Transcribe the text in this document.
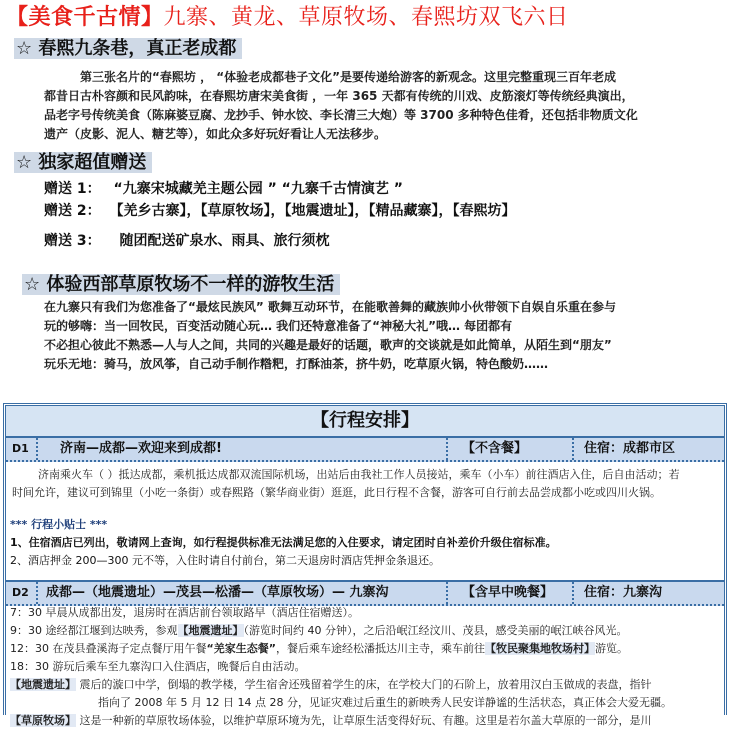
【美食千古情】九寨、黄龙、草原牧场、春熙坊双飞六日
☆ 春熙九条巷，真正老成都
为成都第三张名片的“春熙坊 ， “体验老成都巷子文化”是要传递给游客的新观念。这里完整重现三百年老成
都昔日古朴容颜和民风韵味，在春熙坊唐宋美食街 ，一年 365 天都有传统的川戏、皮筋滚灯等传统经典演出，
品老字号传统美食（陈麻婆豆腐、龙抄手、钟水饺、李长清三大炮）等 3700 多种特色佳肴，还包括非物质文化
遗产（皮影、泥人、糖艺等），如此众多好玩好看让人无法移步。
☆ 独家超值赠送
赠送 1： “九寨宋城藏羌主题公园 ” “九寨千古情演艺 ”
赠送 2： 【羌乡古寨】，【草原牧场】，【地震遗址】，【精品藏寨】，【春熙坊】
赠送 3： 随团配送矿泉水、雨具、旅行须枕
☆ 体验西部草原牧场不一样的游牧生活
在九寨只有我们为您准备了“最炫民族风” 歌舞互动环节，在能歌善舞的藏族帅小伙带领下自娱自乐重在参与
玩的够嗨：当一回牧民，百变活动随心玩… 我们还特意准备了“神秘大礼”哦… 每团都有
不必担心彼此不熟悉—人与人之间，共同的兴趣是最好的话题，歌声的交谈就是如此简单，从陌生到“朋友”
玩乐无地：骑马，放风筝，自己动手制作糌粑，打酥油茶，挤牛奶，吃草原火锅，特色酸奶……
【行程安排】
D1 济南—成都—欢迎来到成都!	【不含餐】	住宿：成都市区
济南乘火车（ ）抵达成都，乘机抵达成都双流国际机场，出站后由我社工作人员接站，乘车（小车）前往酒店入住，后自由活动；若
时间允许，建议可到锦里（小吃一条街）或春熙路（繁华商业街）逛逛，此日行程不含餐，游客可自行前去品尝成都小吃或四川火锅。
*** 行程小贴士 ***
1、住宿酒店已列出，敬请网上查询，如行程提供标准无法满足您的入住要求，请定团时自补差价升级住宿标准。
2、酒店押金 200—300 元不等，入住时请自付前台，第二天退房时酒店凭押金条退还。
D2 成都—（地震遗址）—茂县—松潘—（草原牧场）— 九寨沟	【含早中晚餐】 住宿：九寨沟
7：30 早晨从成都出发，退房时在酒店前台领取路早（酒店住宿赠送）。
9：30 途经都江堰到达映秀，参观【地震遗址】（游览时间约 40 分钟），之后沿岷江经汶川、茂县，感受美丽的岷江峡谷风光。
12：30 在茂县叠溪海子定点餐厅用午餐“羌家生态餐”，餐后乘车途经松潘抵达川主寺，乘车前往【牧民聚集地牧场村】游览。
18：30 游玩后乘车至九寨沟口入住酒店，晚餐后自由活动。
【地震遗址】 震后的漩口中学，倒塌的教学楼，学生宿舍还残留着学生的床，在学校大门的石阶上，放着用汉白玉做成的表盘，指针
指向了 2008 年 5 月 12 日 14 点 28 分，见证灾难过后重生的新映秀人民安详静谧的生活状态，真正体会大爱无疆。
【草原牧场】 这是一种新的草原牧场体验，以维护草原环境为先，让草原生活变得好玩、有趣。这里是若尔盖大草原的一部分，是川
